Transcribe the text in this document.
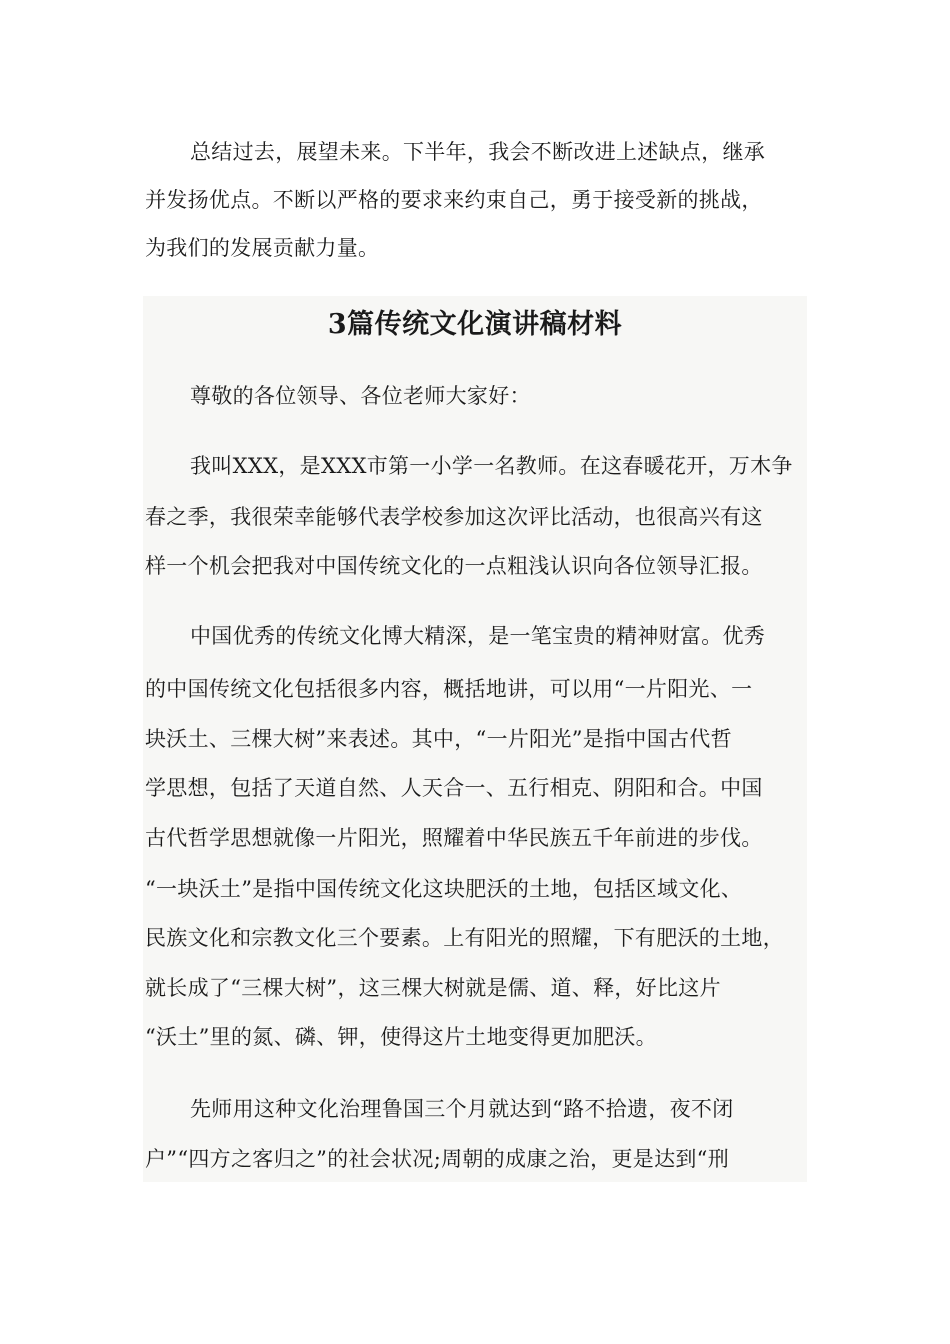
总结过去，展望未来。下半年，我会不断改进上述缺点，继承
并发扬优点。不断以严格的要求来约束自己，勇于接受新的挑战，
为我们的发展贡献力量。
3篇传统文化演讲稿材料
尊敬的各位领导、各位老师大家好：
我叫XXX，是XXX市第一小学一名教师。在这春暖花开，万木争
春之季，我很荣幸能够代表学校参加这次评比活动，也很高兴有这
样一个机会把我对中国传统文化的一点粗浅认识向各位领导汇报。
中国优秀的传统文化博大精深，是一笔宝贵的精神财富。优秀
的中国传统文化包括很多内容，概括地讲，可以用“一片阳光、一
块沃土、三棵大树”来表述。其中，“一片阳光”是指中国古代哲
学思想，包括了天道自然、人天合一、五行相克、阴阳和合。中国
古代哲学思想就像一片阳光，照耀着中华民族五千年前进的步伐。
“一块沃土”是指中国传统文化这块肥沃的土地，包括区域文化、
民族文化和宗教文化三个要素。上有阳光的照耀，下有肥沃的土地，
就长成了“三棵大树”，这三棵大树就是儒、道、释，好比这片
“沃土”里的氮、磷、钾，使得这片土地变得更加肥沃。
先师用这种文化治理鲁国三个月就达到“路不拾遗，夜不闭
户”“四方之客归之”的社会状况;周朝的成康之治，更是达到“刑
